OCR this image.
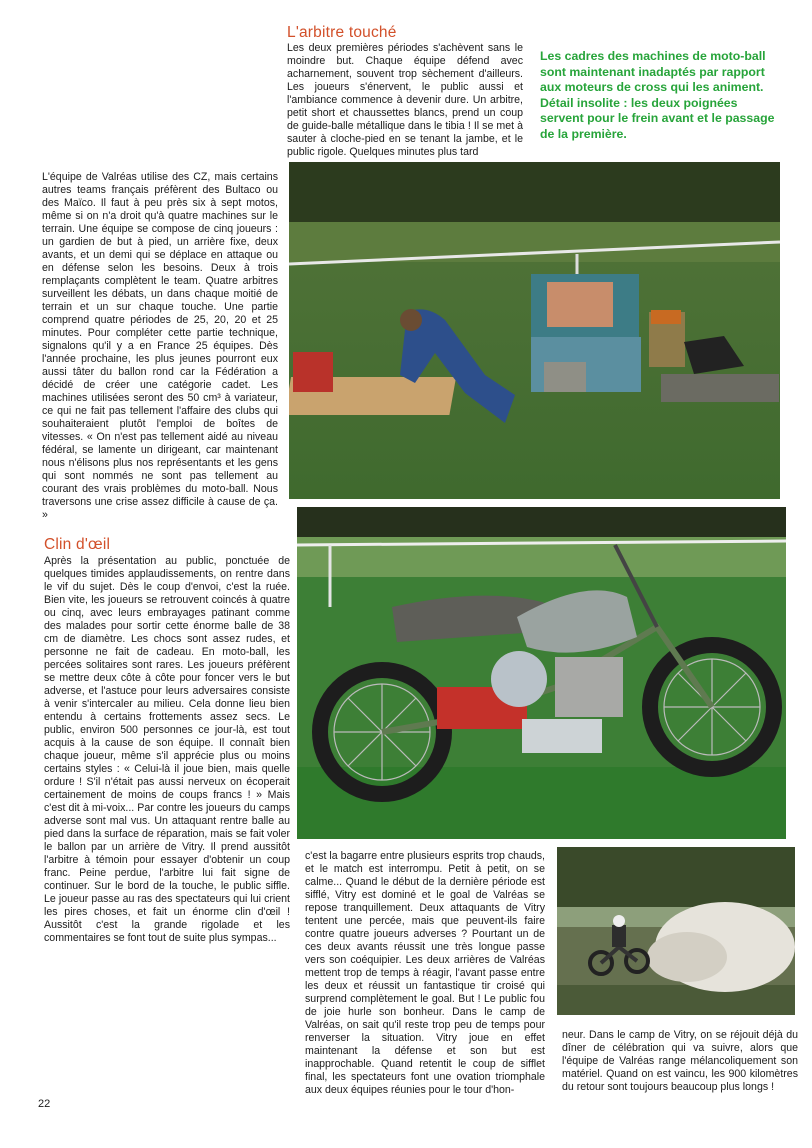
L'arbitre touché

Les deux premières périodes s'achèvent sans le moindre but. Chaque équipe défend avec acharnement, souvent trop sèchement d'ailleurs. Les joueurs s'énervent, le public aussi et l'ambiance commence à devenir dure. Un arbitre, petit short et chaussettes blancs, prend un coup de guide-balle métallique dans le tibia ! Il se met à sauter à cloche-pied en se tenant la jambe, et le public rigole. Quelques minutes plus tard

Les cadres des machines de moto-ball sont maintenant inadaptés par rapport aux moteurs de cross qui les animent. Détail insolite : les deux poignées servent pour le frein avant et le passage de la première.

L'équipe de Valréas utilise des CZ, mais certains autres teams français préfèrent des Bultaco ou des Maïco. Il faut à peu près six à sept motos, même si on n'a droit qu'à quatre machines sur le terrain. Une équipe se compose de cinq joueurs : un gardien de but à pied, un arrière fixe, deux avants, et un demi qui se déplace en attaque ou en défense selon les besoins. Deux à trois remplaçants complètent le team. Quatre arbitres surveillent les débats, un dans chaque moitié de terrain et un sur chaque touche. Une partie comprend quatre périodes de 25, 20, 20 et 25 minutes. Pour compléter cette partie technique, signalons qu'il y a en France 25 équipes. Dès l'année prochaine, les plus jeunes pourront eux aussi tâter du ballon rond car la Fédération a décidé de créer une catégorie cadet. Les machines utilisées seront des 50 cm³ à variateur, ce qui ne fait pas tellement l'affaire des clubs qui souhaiteraient plutôt l'emploi de boîtes de vitesses. « On n'est pas tellement aidé au niveau fédéral, se lamente un dirigeant, car maintenant nous n'élisons plus nos représentants et les gens qui sont nommés ne sont pas tellement au courant des vrais problèmes du moto-ball. Nous traversons une crise assez difficile à cause de ça. »

Clin d'œil

Après la présentation au public, ponctuée de quelques timides applaudissements, on rentre dans le vif du sujet. Dès le coup d'envoi, c'est la ruée. Bien vite, les joueurs se retrouvent coincés à quatre ou cinq, avec leurs embrayages patinant comme des malades pour sortir cette énorme balle de 38 cm de diamètre. Les chocs sont assez rudes, et personne ne fait de cadeau. En moto-ball, les percées solitaires sont rares. Les joueurs préfèrent se mettre deux côte à côte pour foncer vers le but adverse, et l'astuce pour leurs adversaires consiste à venir s'intercaler au milieu. Cela donne lieu bien entendu à certains frottements assez secs. Le public, environ 500 personnes ce jour-là, est tout acquis à la cause de son équipe. Il connaît bien chaque joueur, même s'il apprécie plus ou moins certains styles : « Celui-là il joue bien, mais quelle ordure ! S'il n'était pas aussi nerveux on écoperait certainement de moins de coups francs ! » Mais c'est dit à mi-voix... Par contre les joueurs du camps adverse sont mal vus. Un attaquant rentre balle au pied dans la surface de réparation, mais se fait voler le ballon par un arrière de Vitry. Il prend aussitôt l'arbitre à témoin pour essayer d'obtenir un coup franc. Peine perdue, l'arbitre lui fait signe de continuer. Sur le bord de la touche, le public siffle. Le joueur passe au ras des spectateurs qui lui crient les pires choses, et fait un énorme clin d'œil ! Aussitôt c'est la grande rigolade et les commentaires se font tout de suite plus sympas...

c'est la bagarre entre plusieurs esprits trop chauds, et le match est interrompu. Petit à petit, on se calme... Quand le début de la dernière période est sifflé, Vitry est dominé et le goal de Valréas se repose tranquillement. Deux attaquants de Vitry tentent une percée, mais que peuvent-ils faire contre quatre joueurs adverses ? Pourtant un de ces deux avants réussit une très longue passe vers son coéquipier. Les deux arrières de Valréas mettent trop de temps à réagir, l'avant passe entre les deux et réussit un fantastique tir croisé qui surprend complètement le goal. But ! Le public fou de joie hurle son bonheur. Dans le camp de Valréas, on sait qu'il reste trop peu de temps pour renverser la situation. Vitry joue en effet maintenant la défense et son but est inapprochable. Quand retentit le coup de sifflet final, les spectateurs font une ovation triomphale aux deux équipes réunies pour le tour d'hon-

neur. Dans le camp de Vitry, on se réjouit déjà du dîner de célébration qui va suivre, alors que l'équipe de Valréas range mélancoliquement son matériel. Quand on est vaincu, les 900 kilomètres du retour sont toujours beaucoup plus longs !

22
